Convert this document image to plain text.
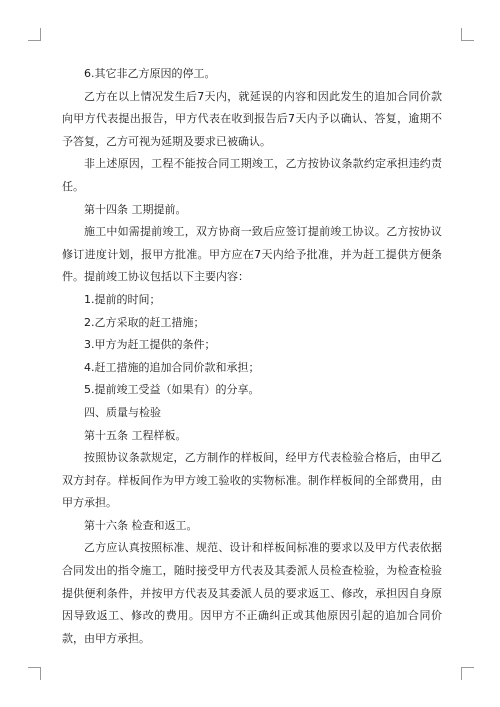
6.其它非乙方原因的停工。

乙方在以上情况发生后7天内，就延误的内容和因此发生的追加合同价款向甲方代表提出报告，甲方代表在收到报告后7天内予以确认、答复，逾期不予答复，乙方可视为延期及要求已被确认。

非上述原因，工程不能按合同工期竣工，乙方按协议条款约定承担违约责任。

第十四条 工期提前。

施工中如需提前竣工，双方协商一致后应签订提前竣工协议。乙方按协议修订进度计划，报甲方批准。甲方应在7天内给予批准，并为赶工提供方便条件。提前竣工协议包括以下主要内容：

1.提前的时间；

2.乙方采取的赶工措施；

3.甲方为赶工提供的条件；

4.赶工措施的追加合同价款和承担；

5.提前竣工受益（如果有）的分享。

四、质量与检验

第十五条 工程样板。

按照协议条款规定，乙方制作的样板间，经甲方代表检验合格后，由甲乙双方封存。样板间作为甲方竣工验收的实物标准。制作样板间的全部费用，由甲方承担。

第十六条 检查和返工。

乙方应认真按照标准、规范、设计和样板间标准的要求以及甲方代表依据合同发出的指令施工，随时接受甲方代表及其委派人员检查检验，为检查检验提供便利条件，并按甲方代表及其委派人员的要求返工、修改，承担因自身原因导致返工、修改的费用。因甲方不正确纠正或其他原因引起的追加合同价款，由甲方承担。
